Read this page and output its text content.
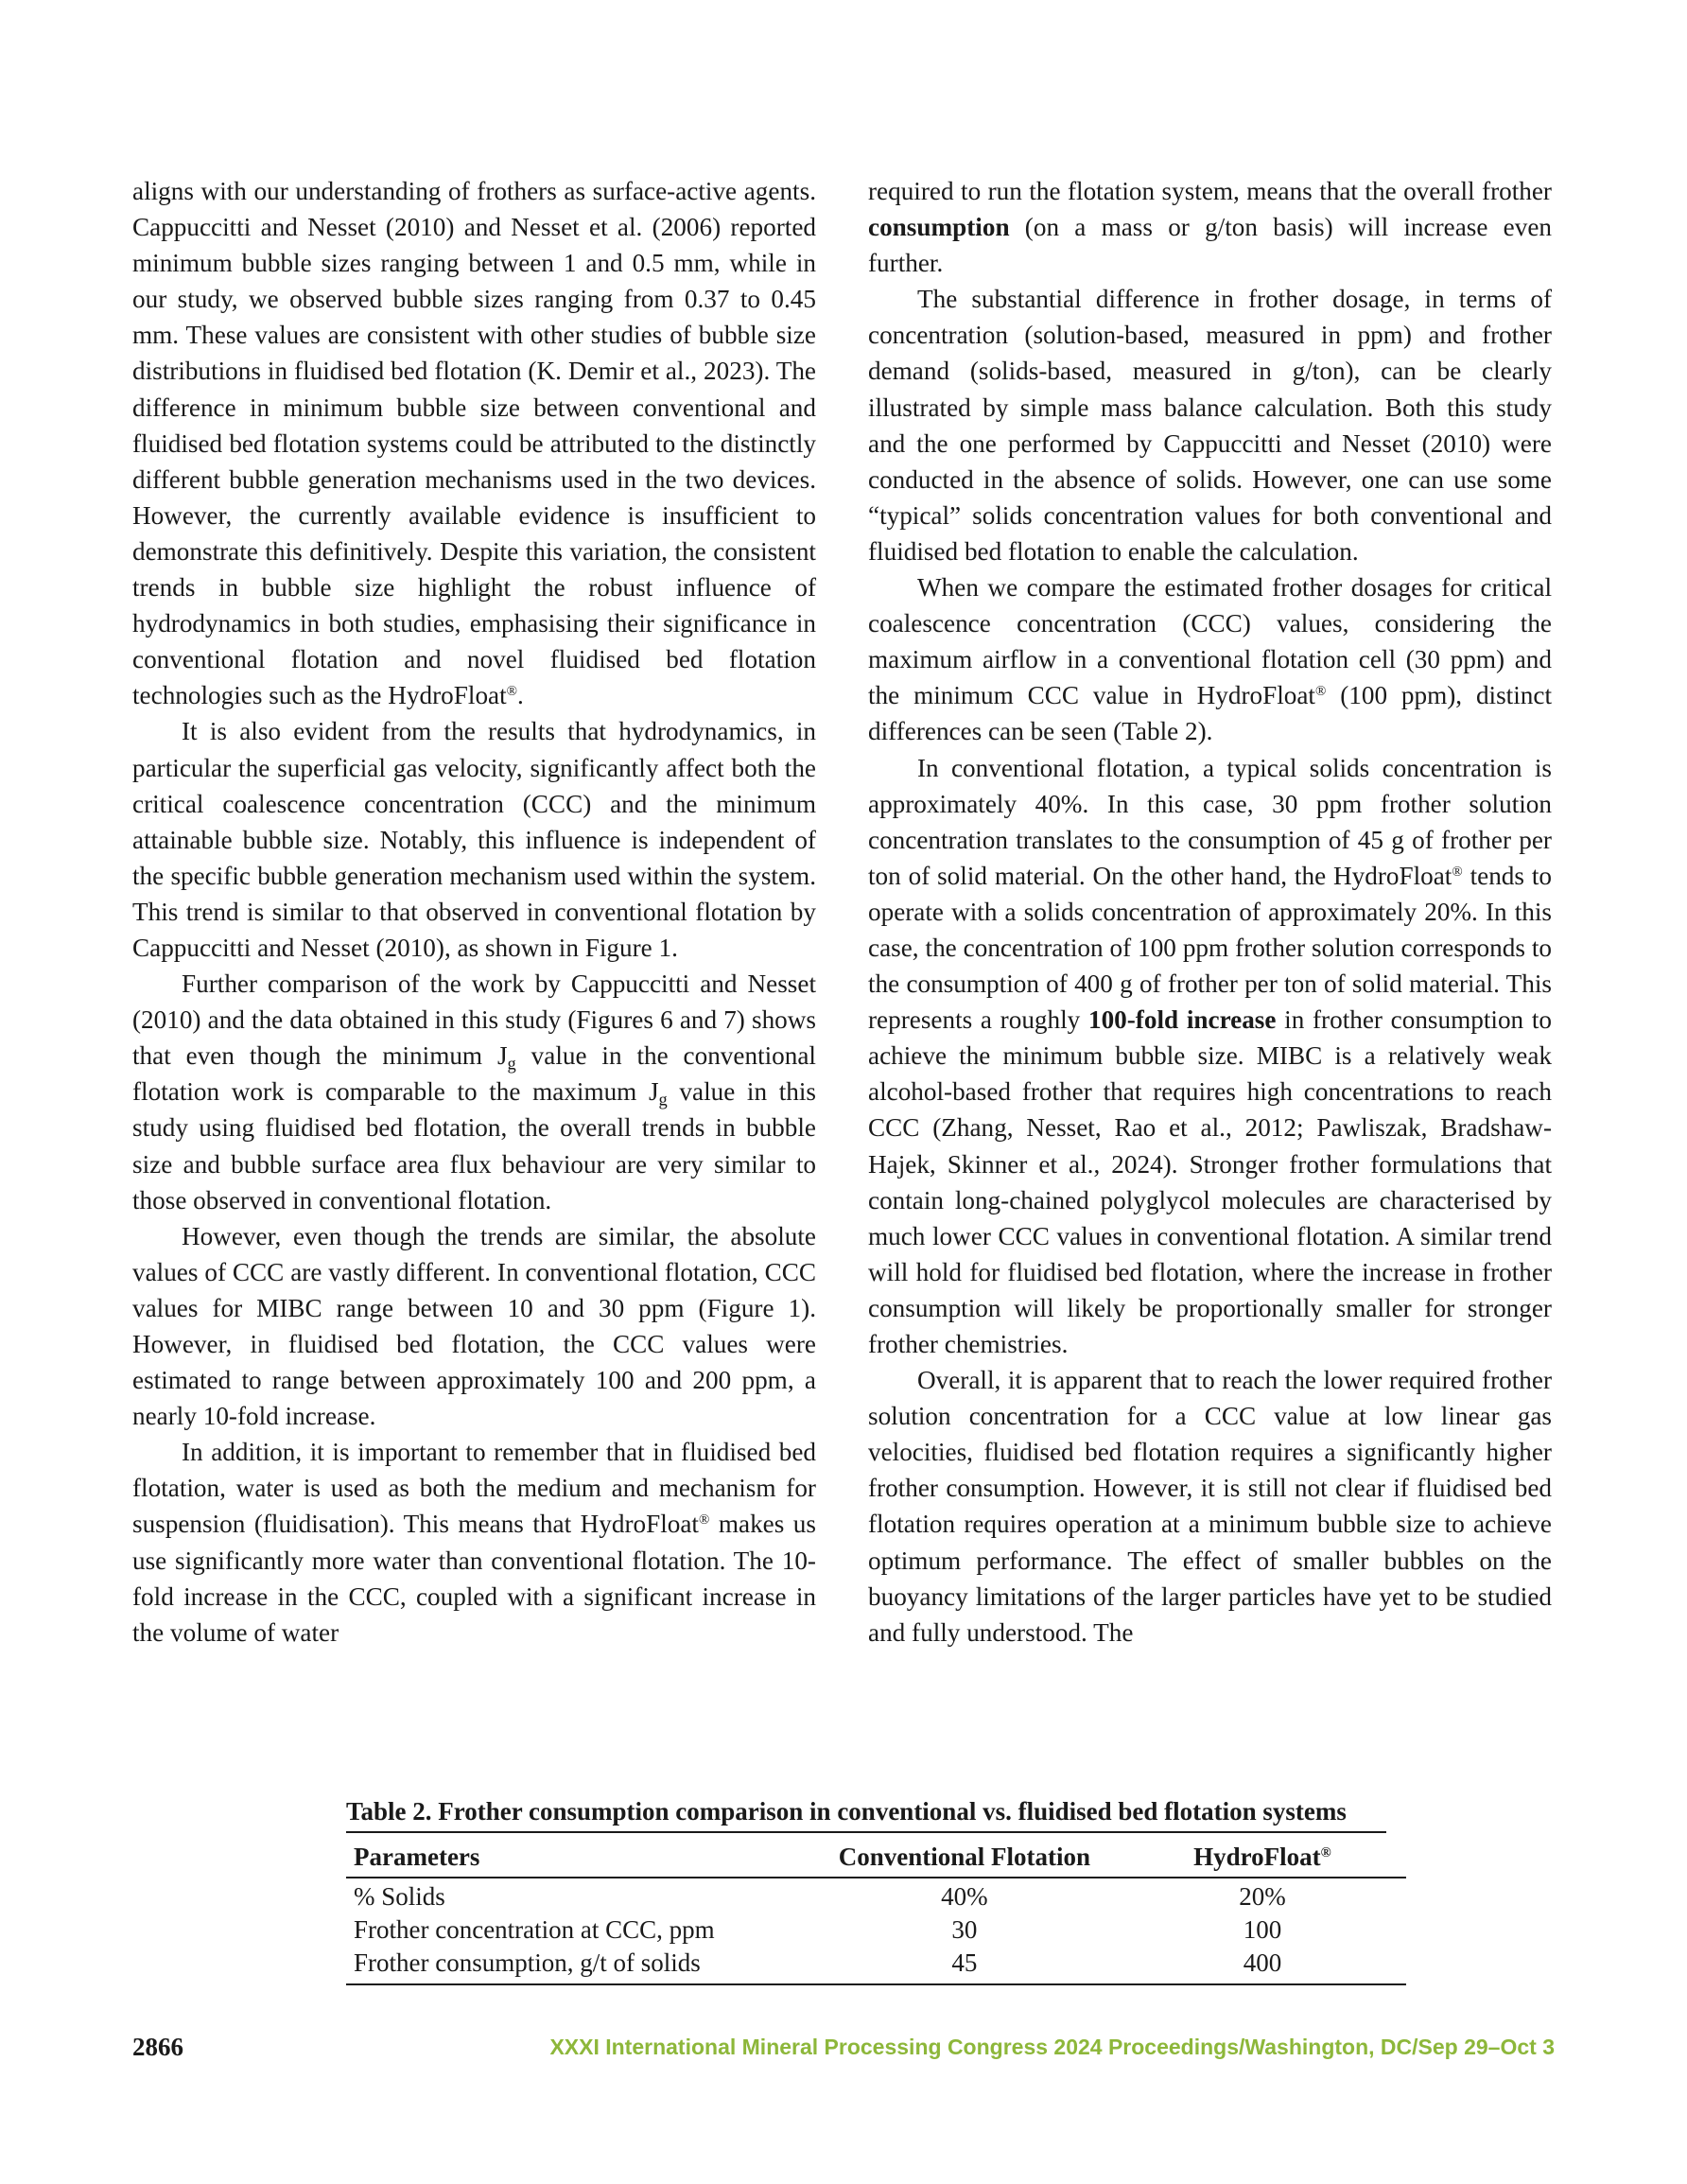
aligns with our understanding of frothers as surface-active agents. Cappuccitti and Nesset (2010) and Nesset et al. (2006) reported minimum bubble sizes ranging between 1 and 0.5 mm, while in our study, we observed bubble sizes ranging from 0.37 to 0.45 mm. These values are consistent with other studies of bubble size distributions in fluidised bed flotation (K. Demir et al., 2023). The difference in minimum bubble size between conventional and fluidised bed flotation systems could be attributed to the distinctly different bubble generation mechanisms used in the two devices. However, the currently available evidence is insufficient to demonstrate this definitively. Despite this variation, the consistent trends in bubble size highlight the robust influence of hydrodynamics in both studies, emphasising their significance in conventional flotation and novel fluidised bed flotation technologies such as the HydroFloat®.

It is also evident from the results that hydrodynamics, in particular the superficial gas velocity, significantly affect both the critical coalescence concentration (CCC) and the minimum attainable bubble size. Notably, this influence is independent of the specific bubble generation mechanism used within the system. This trend is similar to that observed in conventional flotation by Cappuccitti and Nesset (2010), as shown in Figure 1.

Further comparison of the work by Cappuccitti and Nesset (2010) and the data obtained in this study (Figures 6 and 7) shows that even though the minimum $J_g$ value in the conventional flotation work is comparable to the maximum $J_g$ value in this study using fluidised bed flotation, the overall trends in bubble size and bubble surface area flux behaviour are very similar to those observed in conventional flotation.

However, even though the trends are similar, the absolute values of CCC are vastly different. In conventional flotation, CCC values for MIBC range between 10 and 30 ppm (Figure 1). However, in fluidised bed flotation, the CCC values were estimated to range between approximately 100 and 200 ppm, a nearly 10-fold increase.

In addition, it is important to remember that in fluidised bed flotation, water is used as both the medium and mechanism for suspension (fluidisation). This means that HydroFloat® makes us use significantly more water than conventional flotation. The 10-fold increase in the CCC, coupled with a significant increase in the volume of water

required to run the flotation system, means that the overall frother consumption (on a mass or g/ton basis) will increase even further.

The substantial difference in frother dosage, in terms of concentration (solution-based, measured in ppm) and frother demand (solids-based, measured in g/ton), can be clearly illustrated by simple mass balance calculation. Both this study and the one performed by Cappuccitti and Nesset (2010) were conducted in the absence of solids. However, one can use some “typical” solids concentration values for both conventional and fluidised bed flotation to enable the calculation.

When we compare the estimated frother dosages for critical coalescence concentration (CCC) values, considering the maximum airflow in a conventional flotation cell (30 ppm) and the minimum CCC value in HydroFloat® (100 ppm), distinct differences can be seen (Table 2).

In conventional flotation, a typical solids concentration is approximately 40%. In this case, 30 ppm frother solution concentration translates to the consumption of 45 g of frother per ton of solid material. On the other hand, the HydroFloat® tends to operate with a solids concentration of approximately 20%. In this case, the concentration of 100 ppm frother solution corresponds to the consumption of 400 g of frother per ton of solid material. This represents a roughly 100-fold increase in frother consumption to achieve the minimum bubble size. MIBC is a relatively weak alcohol-based frother that requires high concentrations to reach CCC (Zhang, Nesset, Rao et al., 2012; Pawliszak, Bradshaw-Hajek, Skinner et al., 2024). Stronger frother formulations that contain long-chained polyglycol molecules are characterised by much lower CCC values in conventional flotation. A similar trend will hold for fluidised bed flotation, where the increase in frother consumption will likely be proportionally smaller for stronger frother chemistries.

Overall, it is apparent that to reach the lower required frother solution concentration for a CCC value at low linear gas velocities, fluidised bed flotation requires a significantly higher frother consumption. However, it is still not clear if fluidised bed flotation requires operation at a minimum bubble size to achieve optimum performance. The effect of smaller bubbles on the buoyancy limitations of the larger particles have yet to be studied and fully understood. The

Table 2. Frother consumption comparison in conventional vs. fluidised bed flotation systems
Parameters	Conventional Flotation	HydroFloat®
% Solids	40%	20%
Frother concentration at CCC, ppm	30	100
Frother consumption, g/t of solids	45	400
2866	XXXI International Mineral Processing Congress 2024 Proceedings/Washington, DC/Sep 29–Oct 3
